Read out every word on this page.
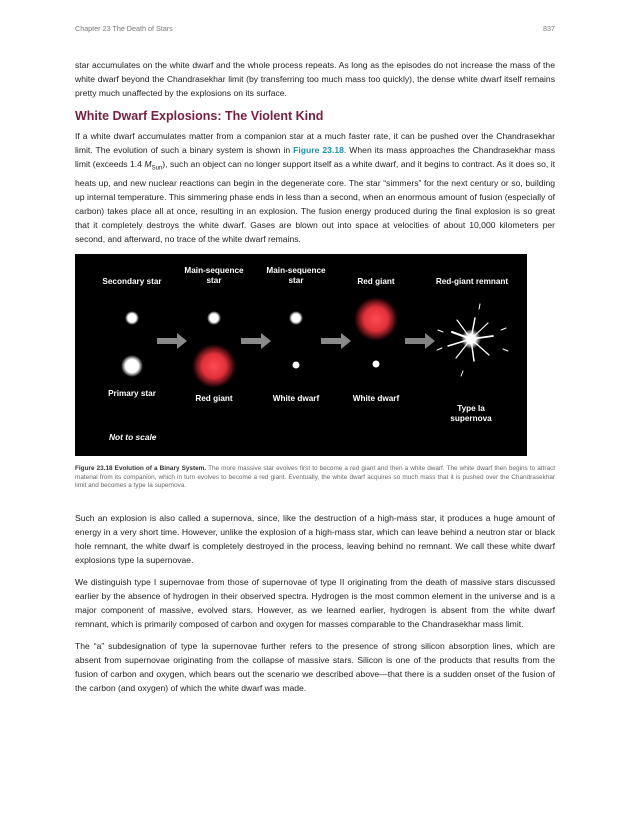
Chapter 23 The Death of Stars	837

star accumulates on the white dwarf and the whole process repeats. As long as the episodes do not increase the mass of the white dwarf beyond the Chandrasekhar limit (by transferring too much mass too quickly), the dense white dwarf itself remains pretty much unaffected by the explosions on its surface.

White Dwarf Explosions: The Violent Kind

If a white dwarf accumulates matter from a companion star at a much faster rate, it can be pushed over the Chandrasekhar limit. The evolution of such a binary system is shown in Figure 23.18. When its mass approaches the Chandrasekhar mass limit (exceeds 1.4 $M_{Sun}$), such an object can no longer support itself as a white dwarf, and it begins to contract. As it does so, it heats up, and new nuclear reactions can begin in the degenerate core. The star “simmers” for the next century or so, building up internal temperature. This simmering phase ends in less than a second, when an enormous amount of fusion (especially of carbon) takes place all at once, resulting in an explosion. The fusion energy produced during the final explosion is so great that it completely destroys the white dwarf. Gases are blown out into space at velocities of about 10,000 kilometers per second, and afterward, no trace of the white dwarf remains.

Secondary star
Main-sequence star
Main-sequence star	Red giant	Red-giant remnant
Primary star
Red giant	White dwarf	White dwarf
Type Ia supernova
Not to scale
Figure 23.18 Evolution of a Binary System. The more massive star evolves first to become a red giant and then a white dwarf. The white dwarf then begins to attract material from its companion, which in turn evolves to become a red giant. Eventually, the white dwarf acquires so much mass that it is pushed over the Chandrasekhar limit and becomes a type Ia supernova.

Such an explosion is also called a supernova, since, like the destruction of a high-mass star, it produces a huge amount of energy in a very short time. However, unlike the explosion of a high-mass star, which can leave behind a neutron star or black hole remnant, the white dwarf is completely destroyed in the process, leaving behind no remnant. We call these white dwarf explosions type Ia supernovae.

We distinguish type I supernovae from those of supernovae of type II originating from the death of massive stars discussed earlier by the absence of hydrogen in their observed spectra. Hydrogen is the most common element in the universe and is a major component of massive, evolved stars. However, as we learned earlier, hydrogen is absent from the white dwarf remnant, which is primarily composed of carbon and oxygen for masses comparable to the Chandrasekhar mass limit.

The “a” subdesignation of type Ia supernovae further refers to the presence of strong silicon absorption lines, which are absent from supernovae originating from the collapse of massive stars. Silicon is one of the products that results from the fusion of carbon and oxygen, which bears out the scenario we described above—that there is a sudden onset of the fusion of the carbon (and oxygen) of which the white dwarf was made.
